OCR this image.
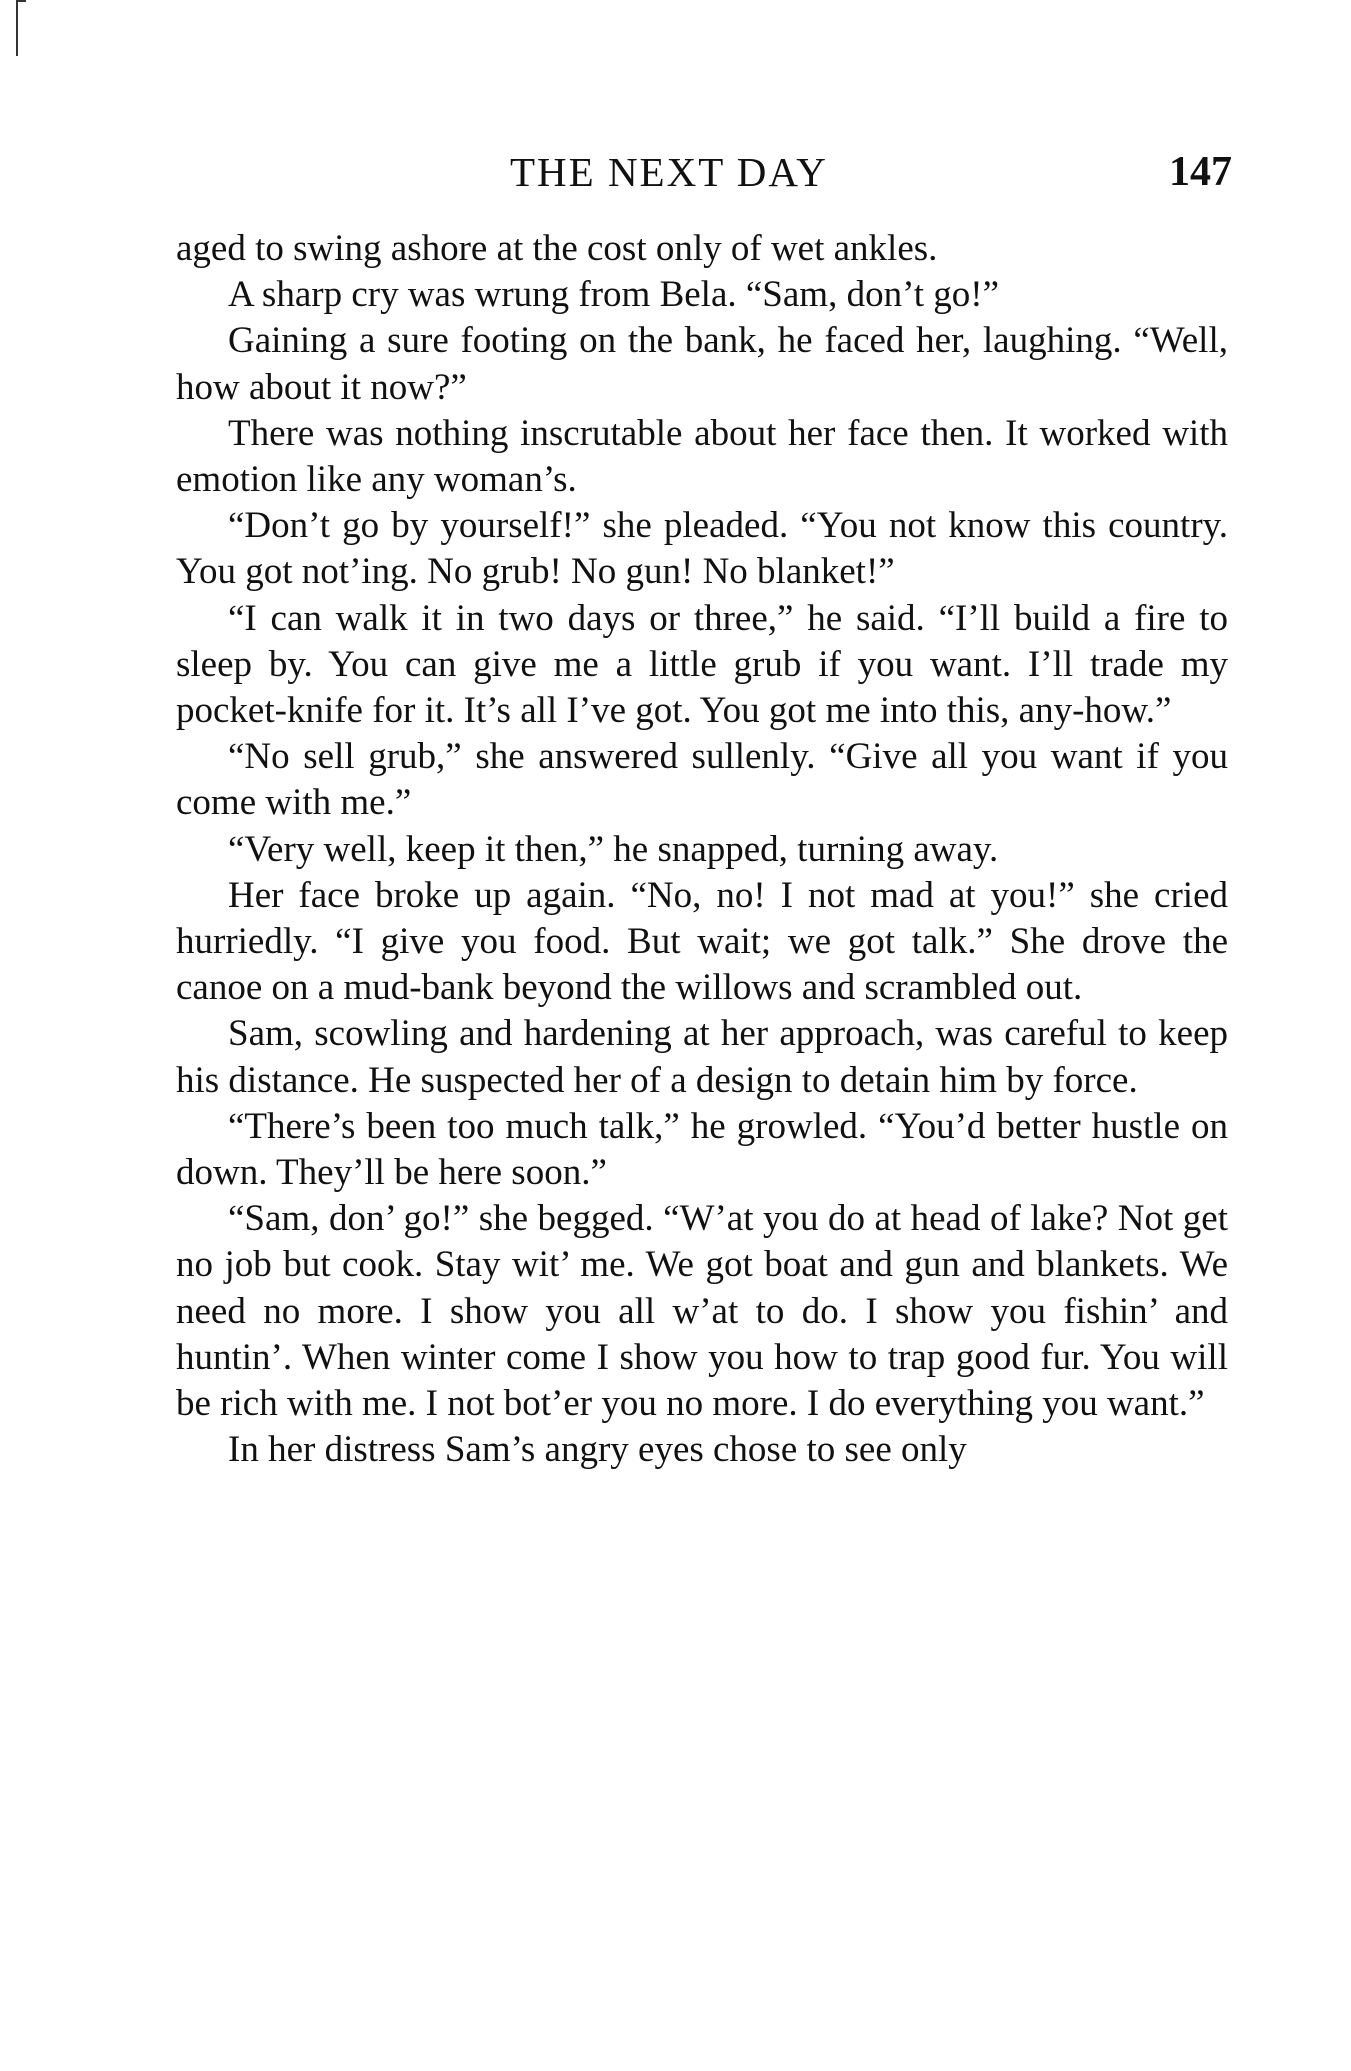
THE NEXT DAY	147

aged to swing ashore at the cost only of wet ankles.

A sharp cry was wrung from Bela. “Sam, don’t go!”

Gaining a sure footing on the bank, he faced her, laughing. “Well, how about it now?”

There was nothing inscrutable about her face then. It worked with emotion like any woman’s.

“Don’t go by yourself!” she pleaded. “You not know this country. You got not’ing. No grub! No gun! No blanket!”

“I can walk it in two days or three,” he said. “I’ll build a fire to sleep by. You can give me a little grub if you want. I’ll trade my pocket-knife for it. It’s all I’ve got. You got me into this, any-how.”

“No sell grub,” she answered sullenly. “Give all you want if you come with me.”

“Very well, keep it then,” he snapped, turning away.

Her face broke up again. “No, no! I not mad at you!” she cried hurriedly. “I give you food. But wait; we got talk.” She drove the canoe on a mud-bank beyond the willows and scrambled out.

Sam, scowling and hardening at her approach, was careful to keep his distance. He suspected her of a design to detain him by force.

“There’s been too much talk,” he growled. “You’d better hustle on down. They’ll be here soon.”

“Sam, don’ go!” she begged. “W’at you do at head of lake? Not get no job but cook. Stay wit’ me. We got boat and gun and blankets. We need no more. I show you all w’at to do. I show you fishin’ and huntin’. When winter come I show you how to trap good fur. You will be rich with me. I not bot’er you no more. I do everything you want.”

In her distress Sam’s angry eyes chose to see only
